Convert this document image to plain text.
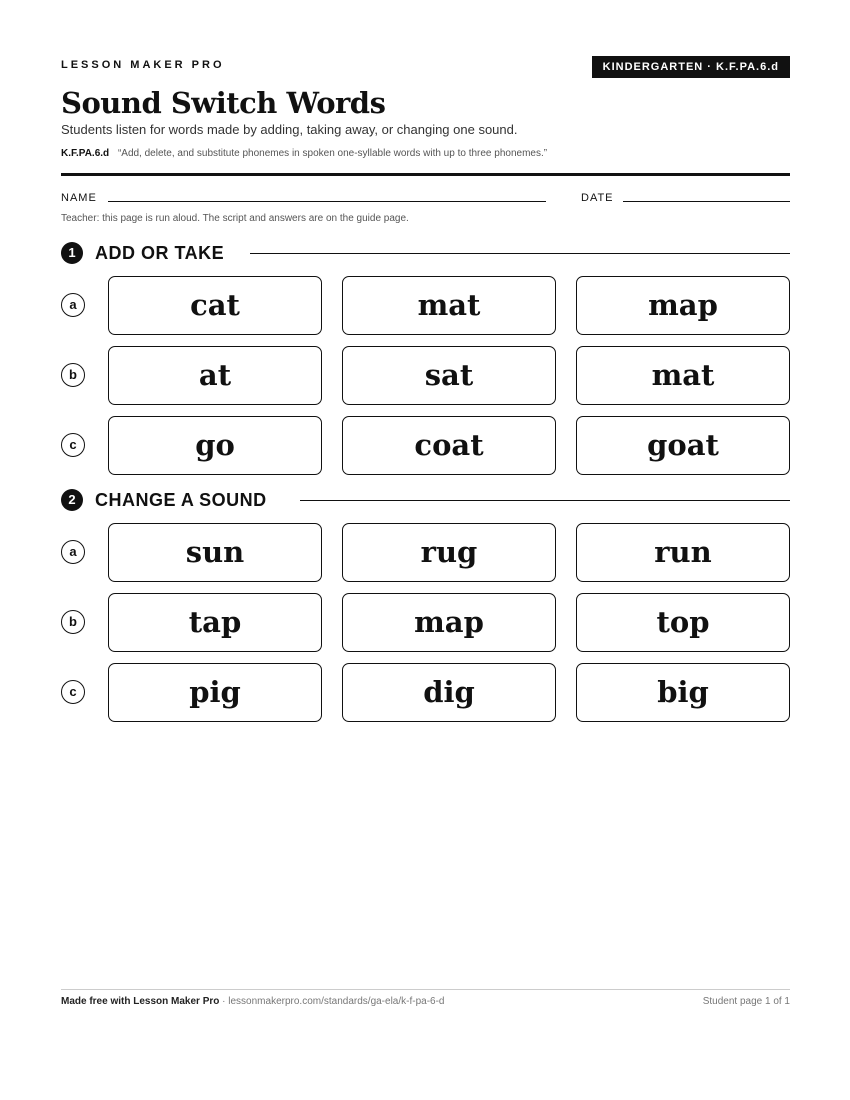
LESSON MAKER PRO	KINDERGARTEN · K.F.PA.6.d
Sound Switch Words
Students listen for words made by adding, taking away, or changing one sound.
K.F.PA.6.d “Add, delete, and substitute phonemes in spoken one-syllable words with up to three phonemes.”
NAME	DATE
Teacher: this page is run aloud. The script and answers are on the guide page.
1	ADD OR TAKE
a	cat	mat	map
b	at	sat	mat
c	go	coat	goat
2	CHANGE A SOUND
a	sun	rug	run
b	tap	map	top
c	pig	dig	big
Made free with Lesson Maker Pro · lessonmakerpro.com/standards/ga-ela/k-f-pa-6-d	Student page 1 of 1
